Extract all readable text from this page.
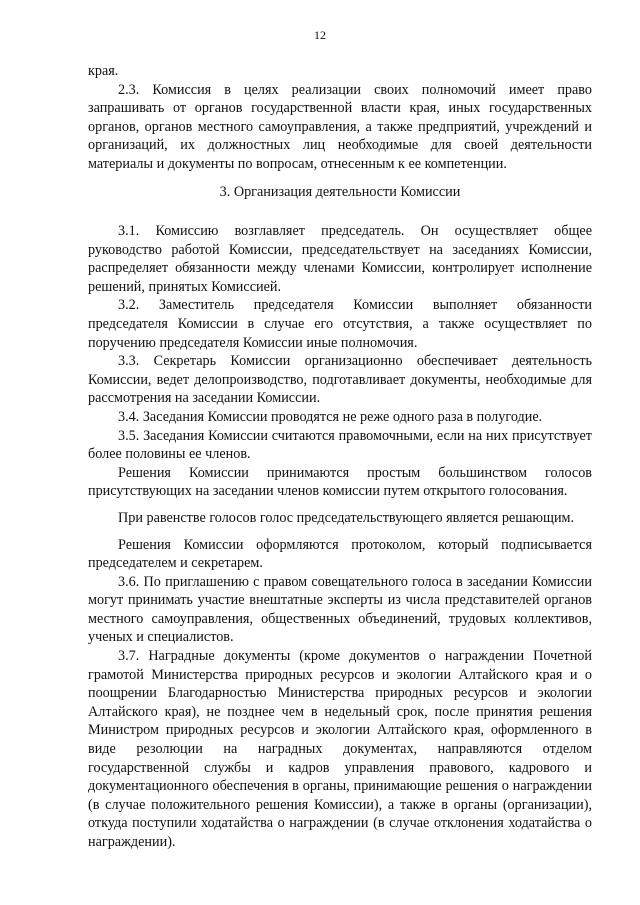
12

края.

2.3. Комиссия в целях реализации своих полномочий имеет право запрашивать от органов государственной власти края, иных государственных органов, органов местного самоуправления, а также предприятий, учреждений и организаций, их должностных лиц необходимые для своей деятельности материалы и документы по вопросам, отнесенным к ее компетенции.

3. Организация деятельности Комиссии

3.1. Комиссию возглавляет председатель. Он осуществляет общее руководство работой Комиссии, председательствует на заседаниях Комиссии, распределяет обязанности между членами Комиссии, контролирует исполнение решений, принятых Комиссией.

3.2. Заместитель председателя Комиссии выполняет обязанности председателя Комиссии в случае его отсутствия, а также осуществляет по поручению председателя Комиссии иные полномочия.

3.3. Секретарь Комиссии организационно обеспечивает деятельность Комиссии, ведет делопроизводство, подготавливает документы, необходимые для рассмотрения на заседании Комиссии.

3.4. Заседания Комиссии проводятся не реже одного раза в полугодие.

3.5. Заседания Комиссии считаются правомочными, если на них присутствует более половины ее членов.

Решения Комиссии принимаются простым большинством голосов присутствующих на заседании членов комиссии путем открытого голосования.

При равенстве голосов голос председательствующего является решающим.

Решения Комиссии оформляются протоколом, который подписывается председателем и секретарем.

3.6. По приглашению с правом совещательного голоса в заседании Комиссии могут принимать участие внештатные эксперты из числа представителей органов местного самоуправления, общественных объединений, трудовых коллективов, ученых и специалистов.

3.7. Наградные документы (кроме документов о награждении Почетной грамотой Министерства природных ресурсов и экологии Алтайского края и о поощрении Благодарностью Министерства природных ресурсов и экологии Алтайского края), не позднее чем в недельный срок, после принятия решения Министром природных ресурсов и экологии Алтайского края, оформленного в виде резолюции на наградных документах, направляются отделом государственной службы и кадров управления правового, кадрового и документационного обеспечения в органы, принимающие решения о награждении (в случае положительного решения Комиссии), а также в органы (организации), откуда поступили ходатайства о награждении (в случае отклонения ходатайства о награждении).
